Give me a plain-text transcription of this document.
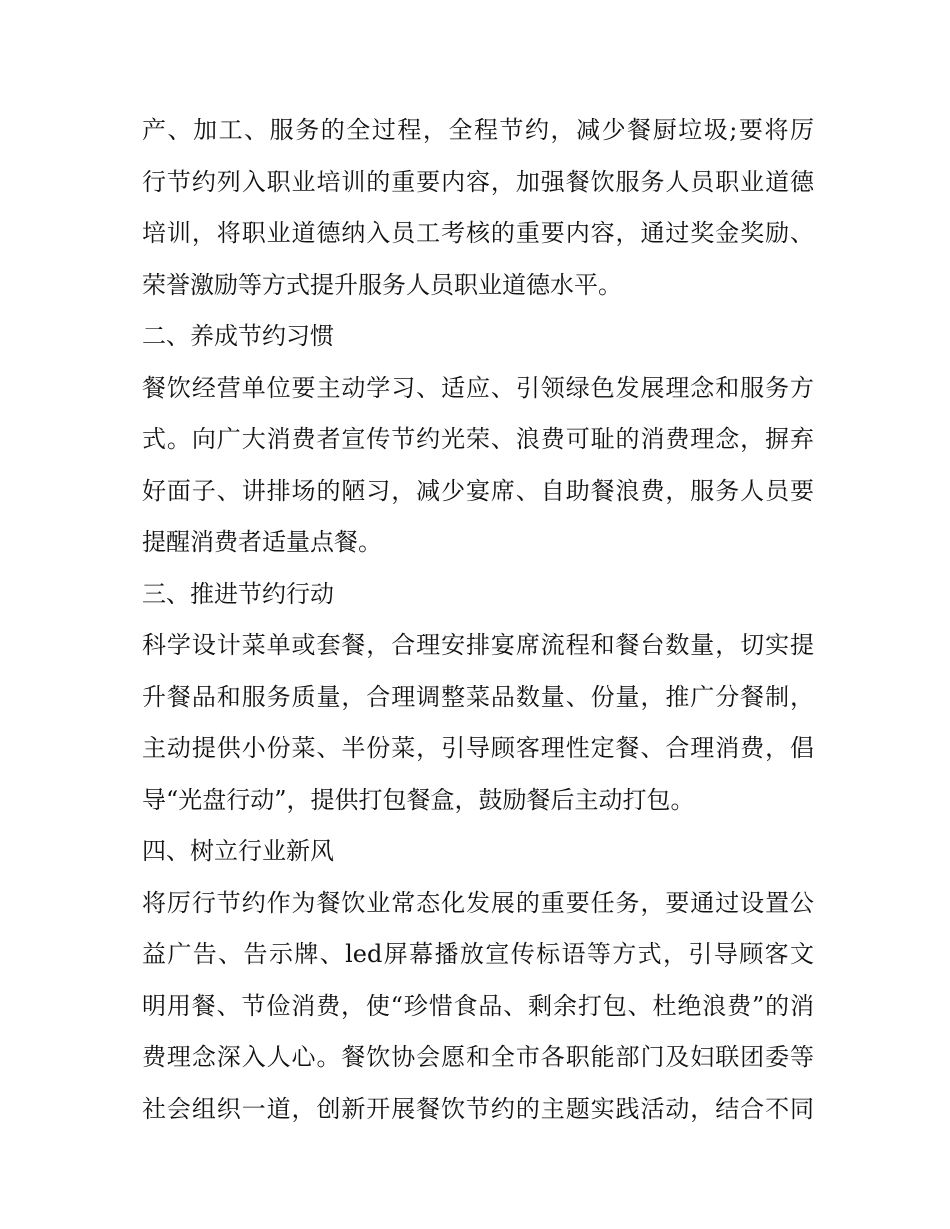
产、加工、服务的全过程，全程节约，减少餐厨垃圾;要将厉
行节约列入职业培训的重要内容，加强餐饮服务人员职业道德
培训，将职业道德纳入员工考核的重要内容，通过奖金奖励、
荣誉激励等方式提升服务人员职业道德水平。
二、养成节约习惯
餐饮经营单位要主动学习、适应、引领绿色发展理念和服务方
式。向广大消费者宣传节约光荣、浪费可耻的消费理念，摒弃
好面子、讲排场的陋习，减少宴席、自助餐浪费，服务人员要
提醒消费者适量点餐。
三、推进节约行动
科学设计菜单或套餐，合理安排宴席流程和餐台数量，切实提
升餐品和服务质量，合理调整菜品数量、份量，推广分餐制，
主动提供小份菜、半份菜，引导顾客理性定餐、合理消费，倡
导“光盘行动”，提供打包餐盒，鼓励餐后主动打包。
四、树立行业新风
将厉行节约作为餐饮业常态化发展的重要任务，要通过设置公
益广告、告示牌、led屏幕播放宣传标语等方式，引导顾客文
明用餐、节俭消费，使“珍惜食品、剩余打包、杜绝浪费”的消
费理念深入人心。餐饮协会愿和全市各职能部门及妇联团委等
社会组织一道，创新开展餐饮节约的主题实践活动，结合不同
